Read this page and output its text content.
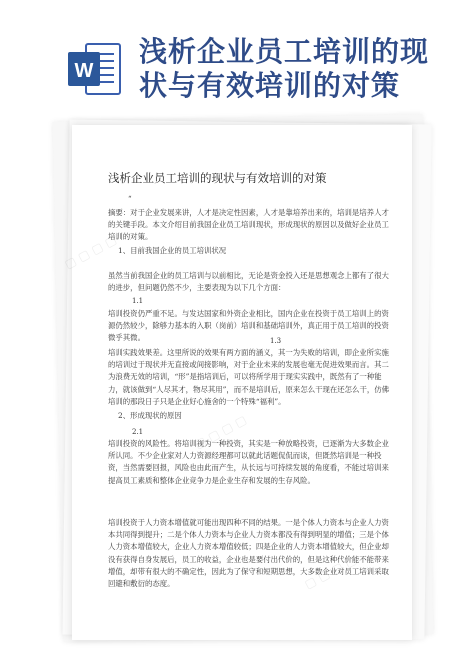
W
浅析企业员工培训的现
状与有效培训的对策
浅析企业员工培训的现状与有效培训的对策
“
摘要：对于企业发展来讲，人才是决定性因素，人才是靠培养出来的，培训是培养人才的关键手段。本文介绍目前我国企业员工培训现状，形成现状的原因以及做好企业员工培训的对策。
1、目前我国企业的员工培训状况
虽然当前我国企业的员工培训与以前相比，无论是资金投入还是思想观念上都有了很大的进步，但问题仍然不少，主要表现为以下几个方面：
1.1
培训投资仍严重不足。与发达国家和外资企业相比，国内企业在投资于员工培训上的资源仍然较少，除够力基本的入职（岗前）培训和基础培训外，真正用于员工培训的投资微乎其微。	1.3
培训实践效果差。这里所说的效果有两方面的涵义，其一为失败的培训，即企业所实施的培训过于现状并无直接或间接影响，对于企业未来的发展也毫无促进效果而言。其二为浪费无效的培训，“形”是指培训后，可以将所学用于现实实践中，既然有了一种能力，就该做到“人尽其才，物尽其用”，而不是培训后，原来怎么干现在还怎么干，仿佛培训的那段日子只是企业好心施舍的一个特殊“福利”。
2、形成现状的原因
2.1
培训投资的风险性。将培训视为一种投资，其实是一种放略投资，已逐渐为大多数企业所认同。不少企业家对人力资源经理都可以就此话题侃侃而谈，但既然培训是一种投资，当然需要回报，风险也由此而产生，从长远与可持续发展的角度看，不能过培训来提高员工素质和整体企业竞争力是企业生存和发展的生存风险。
培训投资于人力资本增值就可能出现四种不同的结果。一是个体人力资本与企业人力资本共同得到提升；二是个体人力资本与企业人力资本都没有得到明显的增值；三是个体人力资本增值较大，企业人力资本增值较低；四是企业的人力资本增值较大，但企业却没有获得自身发展后，员工的收益，企业也是要付出代价的，但是这种代价能不能带来增值，却带有很大的不确定性，因此为了保守和短期思想，大多数企业对员工培训采取回避和敷衍的态度。
▢ ▢ ▢ ▢
▢ ▢ ▢ ▢
▢ ▢ ▢ ▢
